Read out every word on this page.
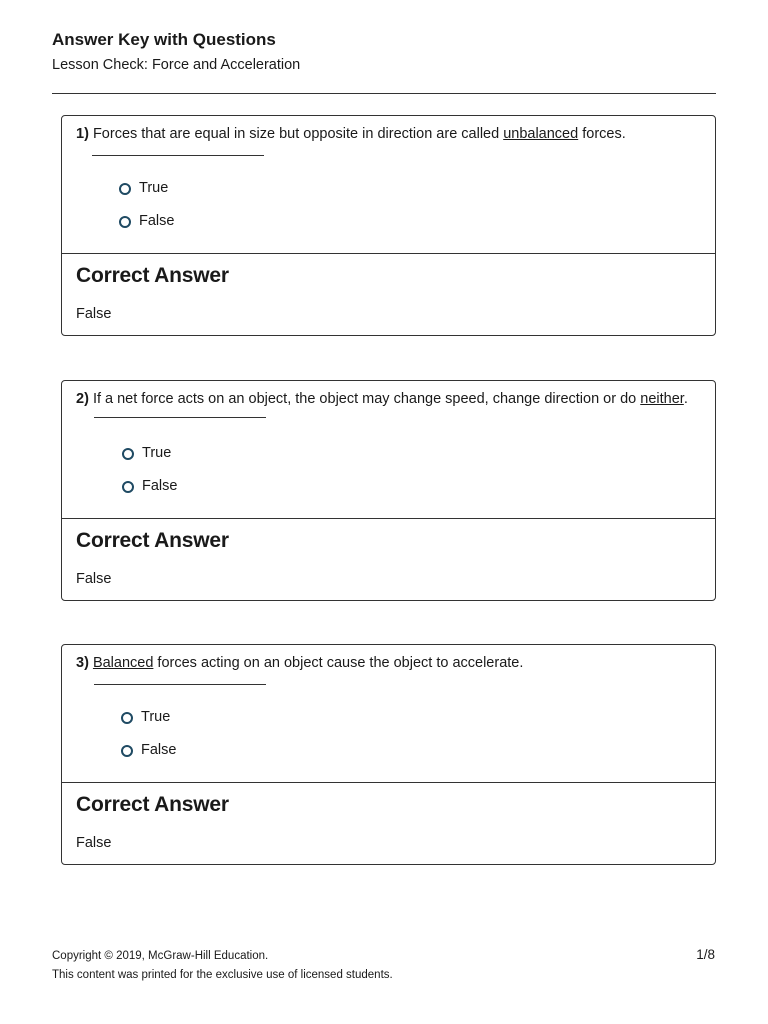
Answer Key with Questions
Lesson Check: Force and Acceleration
1) Forces that are equal in size but opposite in direction are called unbalanced forces.
True
False
Correct Answer
False
2) If a net force acts on an object, the object may change speed, change direction or do neither.
True
False
Correct Answer
False
3) Balanced forces acting on an object cause the object to accelerate.
True
False
Correct Answer
False
Copyright © 2019, McGraw-Hill Education.
This content was printed for the exclusive use of licensed students.
1/8
